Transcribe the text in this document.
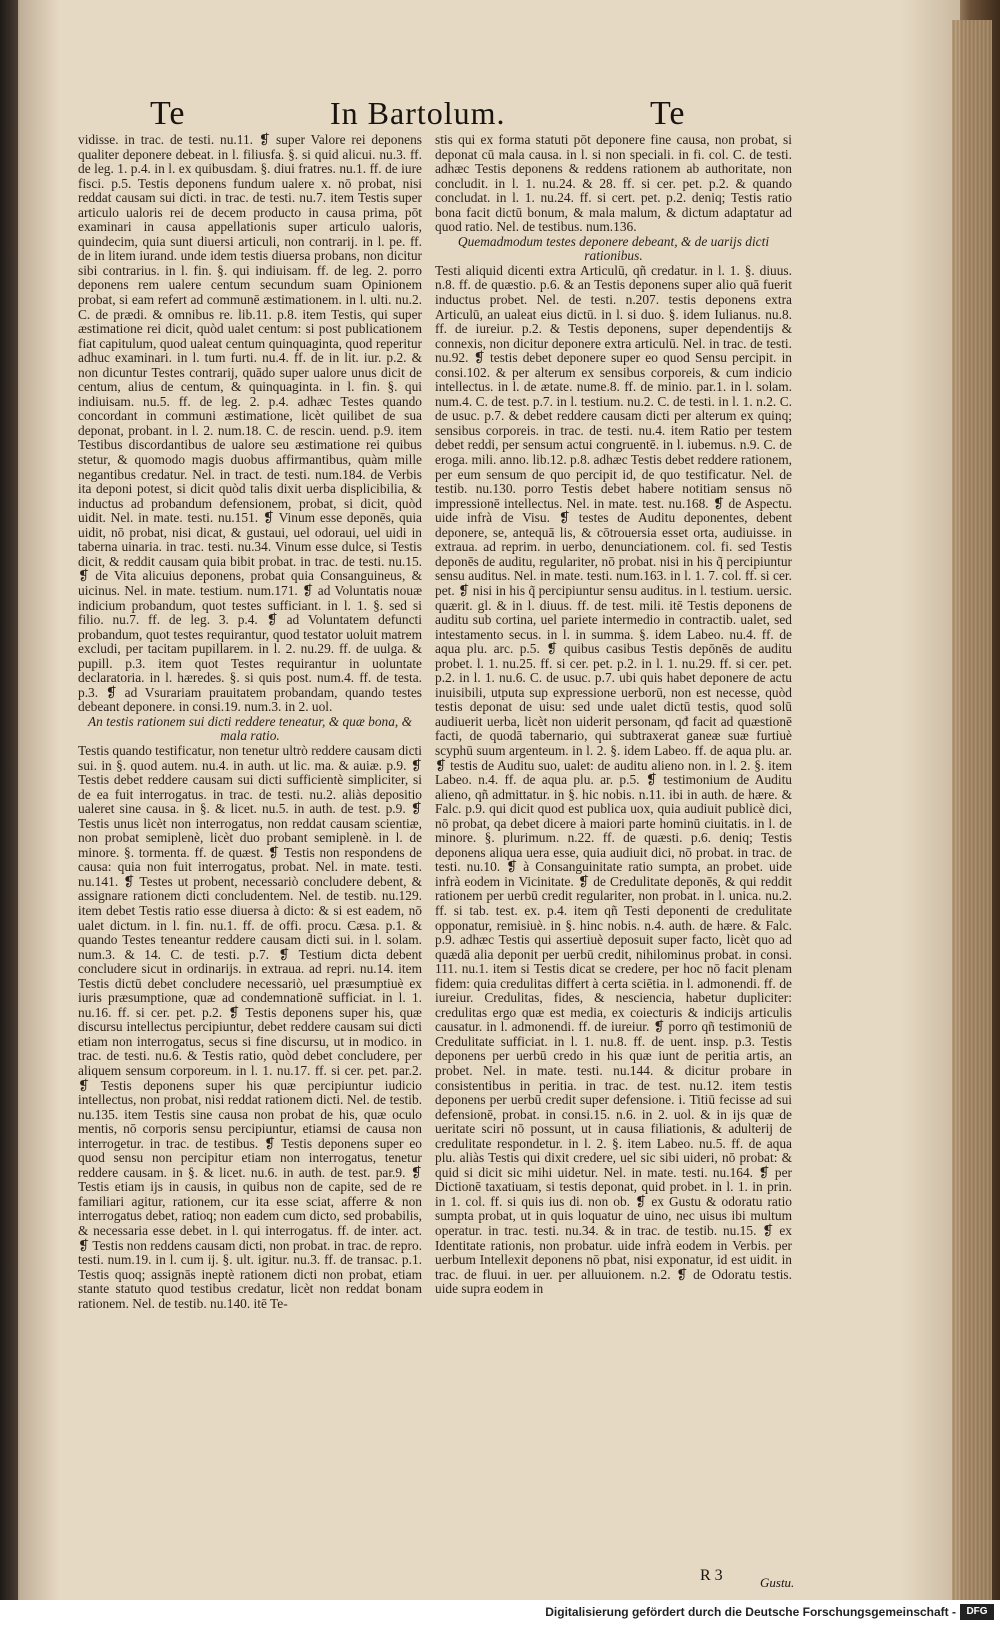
Te	In Bartolum.	Te

vidisse. in trac. de testi. nu.11. ❡ super Valore rei deponens qualiter deponere debeat. in l. filiusfa. §. si quid alicui. nu.3. ff. de leg. 1. p.4. in l. ex quibusdam. §. diui fratres. nu.1. ff. de iure fisci. p.5. Testis deponens fundum ualere x. nō probat, nisi reddat causam sui dicti. in trac. de testi. nu.7. item Testis super articulo ualoris rei de decem producto in causa prima, pōt examinari in causa appellationis super articulo ualoris, quindecim, quia sunt diuersi articuli, non contrarij. in l. pe. ff. de in litem iurand. unde idem testis diuersa probans, non dicitur sibi contrarius. in l. fin. §. qui indiuisam. ff. de leg. 2. porro deponens rem ualere centum secundum suam Opinionem probat, si eam refert ad communē æstimationem. in l. ulti. nu.2. C. de prædi. & omnibus re. lib.11. p.8. item Testis, qui super æstimatione rei dicit, quòd ualet centum: si post publicationem fiat capitulum, quod ualeat centum quinquaginta, quod reperitur adhuc examinari. in l. tum furti. nu.4. ff. de in lit. iur. p.2. & non dicuntur Testes contrarij, quādo super ualore unus dicit de centum, alius de centum, & quinquaginta. in l. fin. §. qui indiuisam. nu.5. ff. de leg. 2. p.4. adhæc Testes quando concordant in communi æstimatione, licèt quilibet de sua deponat, probant. in l. 2. num.18. C. de rescin. uend. p.9. item Testibus discordantibus de ualore seu æstimatione rei quibus stetur, & quomodo magis duobus affirmantibus, quàm mille negantibus credatur. Nel. in tract. de testi. num.184. de Verbis ita deponi potest, si dicit quòd talis dixit uerba displicibilia, & inductus ad probandum defensionem, probat, si dicit, quòd uidit. Nel. in mate. testi. nu.151. ❡ Vinum esse deponēs, quia uidit, nō probat, nisi dicat, & gustaui, uel odoraui, uel uidi in taberna uinaria. in trac. testi. nu.34. Vinum esse dulce, si Testis dicit, & reddit causam quia bibit probat. in trac. de testi. nu.15. ❡ de Vita alicuius deponens, probat quia Consanguineus, & uicinus. Nel. in mate. testium. num.171. ❡ ad Voluntatis nouæ indicium probandum, quot testes sufficiant. in l. 1. §. sed si filio. nu.7. ff. de leg. 3. p.4. ❡ ad Voluntatem defuncti probandum, quot testes requirantur, quod testator uoluit matrem excludi, per tacitam pupillarem. in l. 2. nu.29. ff. de uulga. & pupill. p.3. item quot Testes requirantur in uoluntate declaratoria. in l. hæredes. §. si quis post. num.4. ff. de testa. p.3. ❡ ad Vsurariam prauitatem probandam, quando testes debeant deponere. in consi.19. num.3. in 2. uol.

An testis rationem sui dicti reddere teneatur, & quæ bona, & mala ratio.

Testis quando testificatur, non tenetur ultrò reddere causam dicti sui. in §. quod autem. nu.4. in auth. ut lic. ma. & auiæ. p.9. ❡ Testis debet reddere causam sui dicti sufficientè simpliciter, si de ea fuit interrogatus. in trac. de testi. nu.2. aliàs depositio ualeret sine causa. in §. & licet. nu.5. in auth. de test. p.9. ❡ Testis unus licèt non interrogatus, non reddat causam scientiæ, non probat semiplenè, licèt duo probant semiplenè. in l. de minore. §. tormenta. ff. de quæst. ❡ Testis non respondens de causa: quia non fuit interrogatus, probat. Nel. in mate. testi. nu.141. ❡ Testes ut probent, necessariò concludere debent, & assignare rationem dicti concludentem. Nel. de testib. nu.129. item debet Testis ratio esse diuersa à dicto: & si est eadem, nō ualet dictum. in l. fin. nu.1. ff. de offi. procu. Cæsa. p.1. & quando Testes teneantur reddere causam dicti sui. in l. solam. num.3. & 14. C. de testi. p.7. ❡ Testium dicta debent concludere sicut in ordinarijs. in extraua. ad repri. nu.14. item Testis dictū debet concludere necessariò, uel præsumptiuè ex iuris præsumptione, quæ ad condemnationē sufficiat. in l. 1. nu.16. ff. si cer. pet. p.2. ❡ Testis deponens super his, quæ discursu intellectus percipiuntur, debet reddere causam sui dicti etiam non interrogatus, secus si fine discursu, ut in modico. in trac. de testi. nu.6. & Testis ratio, quòd debet concludere, per aliquem sensum corporeum. in l. 1. nu.17. ff. si cer. pet. par.2. ❡ Testis deponens super his quæ percipiuntur iudicio intellectus, non probat, nisi reddat rationem dicti. Nel. de testib. nu.135. item Testis sine causa non probat de his, quæ oculo mentis, nō corporis sensu percipiuntur, etiamsi de causa non interrogetur. in trac. de testibus. ❡ Testis deponens super eo quod sensu non percipitur etiam non interrogatus, tenetur reddere causam. in §. & licet. nu.6. in auth. de test. par.9. ❡ Testis etiam ijs in causis, in quibus non de capite, sed de re familiari agitur, rationem, cur ita esse sciat, afferre & non interrogatus debet, ratioq; non eadem cum dicto, sed probabilis, & necessaria esse debet. in l. qui interrogatus. ff. de inter. act. ❡ Testis non reddens causam dicti, non probat. in trac. de repro. testi. num.19. in l. cum ij. §. ult. igitur. nu.3. ff. de transac. p.1. Testis quoq; assignās ineptè rationem dicti non probat, etiam stante statuto quod testibus credatur, licèt non reddat bonam rationem. Nel. de testib. nu.140. itē Te-

stis qui ex forma statuti pōt deponere fine causa, non probat, si deponat cū mala causa. in l. si non speciali. in fi. col. C. de testi. adhæc Testis deponens & reddens rationem ab authoritate, non concludit. in l. 1. nu.24. & 28. ff. si cer. pet. p.2. & quando concludat. in l. 1. nu.24. ff. si cert. pet. p.2. deniq; Testis ratio bona facit dictū bonum, & mala malum, & dictum adaptatur ad quod ratio. Nel. de testibus. num.136.

Quemadmodum testes deponere debeant, & de uarijs dicti rationibus.

Testi aliquid dicenti extra Articulū, qñ credatur. in l. 1. §. diuus. n.8. ff. de quæstio. p.6. & an Testis deponens super alio quā fuerit inductus probet. Nel. de testi. n.207. testis deponens extra Articulū, an ualeat eius dictū. in l. si duo. §. idem Iulianus. nu.8. ff. de iureiur. p.2. & Testis deponens, super dependentijs & connexis, non dicitur deponere extra articulū. Nel. in trac. de testi. nu.92. ❡ testis debet deponere super eo quod Sensu percipit. in consi.102. & per alterum ex sensibus corporeis, & cum indicio intellectus. in l. de ætate. nume.8. ff. de minio. par.1. in l. solam. num.4. C. de test. p.7. in l. testium. nu.2. C. de testi. in l. 1. n.2. C. de usuc. p.7. & debet reddere causam dicti per alterum ex quinq; sensibus corporeis. in trac. de testi. nu.4. item Ratio per testem debet reddi, per sensum actui congruentē. in l. iubemus. n.9. C. de eroga. mili. anno. lib.12. p.8. adhæc Testis debet reddere rationem, per eum sensum de quo percipit id, de quo testificatur. Nel. de testib. nu.130. porro Testis debet habere notitiam sensus nō impressionē intellectus. Nel. in mate. test. nu.168. ❡ de Aspectu. uide infrà de Visu. ❡ testes de Auditu deponentes, debent deponere, se, antequā lis, & cōtrouersia esset orta, audiuisse. in extraua. ad reprim. in uerbo, denunciationem. col. fi. sed Testis deponēs de auditu, regulariter, nō probat. nisi in his q̃ percipiuntur sensu auditus. Nel. in mate. testi. num.163. in l. 1. 7. col. ff. si cer. pet. ❡ nisi in his q̃ percipiuntur sensu auditus. in l. testium. uersic. quærit. gl. & in l. diuus. ff. de test. mili. itē Testis deponens de auditu sub cortina, uel pariete intermedio in contractib. ualet, sed intestamento secus. in l. in summa. §. idem Labeo. nu.4. ff. de aqua plu. arc. p.5. ❡ quibus casibus Testis depōnēs de auditu probet. l. 1. nu.25. ff. si cer. pet. p.2. in l. 1. nu.29. ff. si cer. pet. p.2. in l. 1. nu.6. C. de usuc. p.7. ubi quis habet deponere de actu inuisibili, utputa sup expressione uerborū, non est necesse, quòd testis deponat de uisu: sed unde ualet dictū testis, quod solū audiuerit uerba, licèt non uiderit personam, qđ facit ad quæstionē facti, de quodā tabernario, qui subtraxerat ganeæ suæ furtiuè scyphū suum argenteum. in l. 2. §. idem Labeo. ff. de aqua plu. ar. ❡ testis de Auditu suo, ualet: de auditu alieno non. in l. 2. §. item Labeo. n.4. ff. de aqua plu. ar. p.5. ❡ testimonium de Auditu alieno, qñ admittatur. in §. hic nobis. n.11. ibi in auth. de hære. & Falc. p.9. qui dicit quod est publica uox, quia audiuit publicè dici, nō probat, qa debet dicere à maiori parte hominū ciuitatis. in l. de minore. §. plurimum. n.22. ff. de quæsti. p.6. deniq; Testis deponens aliqua uera esse, quia audiuit dici, nō probat. in trac. de testi. nu.10. ❡ à Consanguinitate ratio sumpta, an probet. uide infrà eodem in Vicinitate. ❡ de Credulitate deponēs, & qui reddit rationem per uerbū credit regulariter, non probat. in l. unica. nu.2. ff. si tab. test. ex. p.4. item qñ Testi deponenti de credulitate opponatur, remisiuè. in §. hinc nobis. n.4. auth. de hære. & Falc. p.9. adhæc Testis qui assertiuè deposuit super facto, licèt quo ad quædā alia deponit per uerbū credit, nihilominus probat. in consi. 111. nu.1. item si Testis dicat se credere, per hoc nō facit plenam fidem: quia credulitas differt à certa sciētia. in l. admonendi. ff. de iureiur. Credulitas, fides, & nesciencia, habetur dupliciter: credulitas ergo quæ est media, ex coiecturis & indicijs articulis causatur. in l. admonendi. ff. de iureiur. ❡ porro qñ testimoniū de Credulitate sufficiat. in l. 1. nu.8. ff. de uent. insp. p.3. Testis deponens per uerbū credo in his quæ iunt de peritia artis, an probet. Nel. in mate. testi. nu.144. & dicitur probare in consistentibus in peritia. in trac. de test. nu.12. item testis deponens per uerbū credit super defensione. i. Titiū fecisse ad sui defensionē, probat. in consi.15. n.6. in 2. uol. & in ijs quæ de ueritate sciri nō possunt, ut in causa filiationis, & adulterij de credulitate respondetur. in l. 2. §. item Labeo. nu.5. ff. de aqua plu. aliàs Testis qui dixit credere, uel sic sibi uideri, nō probat: & quid si dicit sic mihi uidetur. Nel. in mate. testi. nu.164. ❡ per Dictionē taxatiuam, si testis deponat, quid probet. in l. 1. in prin. in 1. col. ff. si quis ius di. non ob. ❡ ex Gustu & odoratu ratio sumpta probat, ut in quis loquatur de uino, nec uisus ibi multum operatur. in trac. testi. nu.34. & in trac. de testib. nu.15. ❡ ex Identitate rationis, non probatur. uide infrà eodem in Verbis. per uerbum Intellexit deponens nō pbat, nisi exponatur, id est uidit. in trac. de fluui. in uer. per alluuionem. n.2. ❡ de Odoratu testis. uide supra eodem in

R 3	Gustu.
Digitalisierung gefördert durch die Deutsche Forschungsgemeinschaft -	DFG
